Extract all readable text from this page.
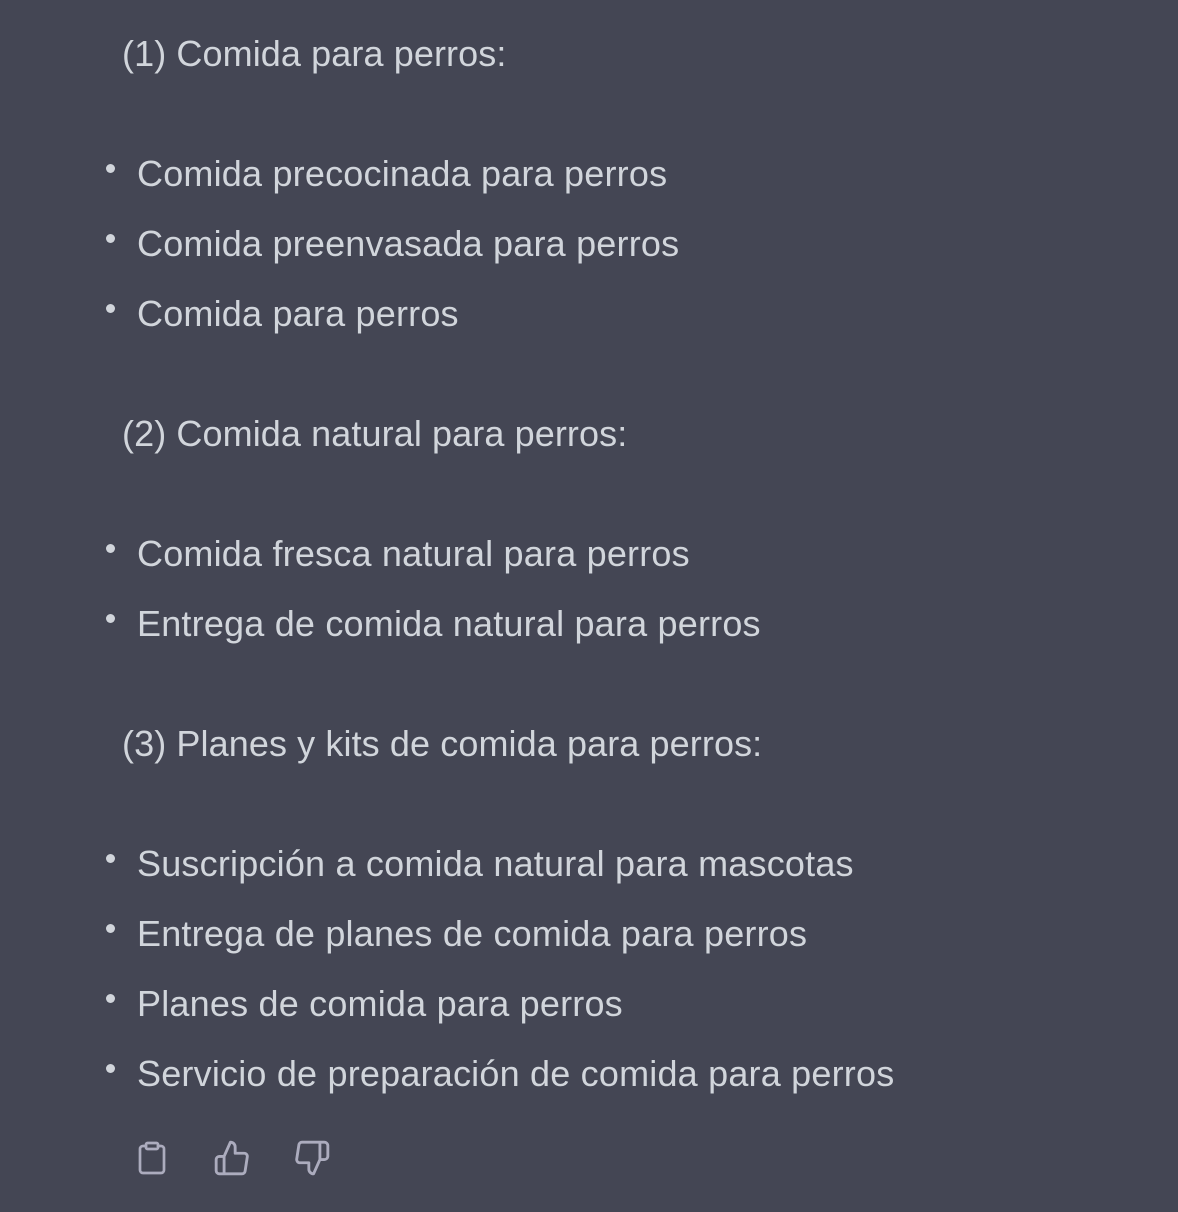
(1) Comida para perros:
Comida precocinada para perros
Comida preenvasada para perros
Comida para perros
(2) Comida natural para perros:
Comida fresca natural para perros
Entrega de comida natural para perros
(3) Planes y kits de comida para perros:
Suscripción a comida natural para mascotas
Entrega de planes de comida para perros
Planes de comida para perros
Servicio de preparación de comida para perros
